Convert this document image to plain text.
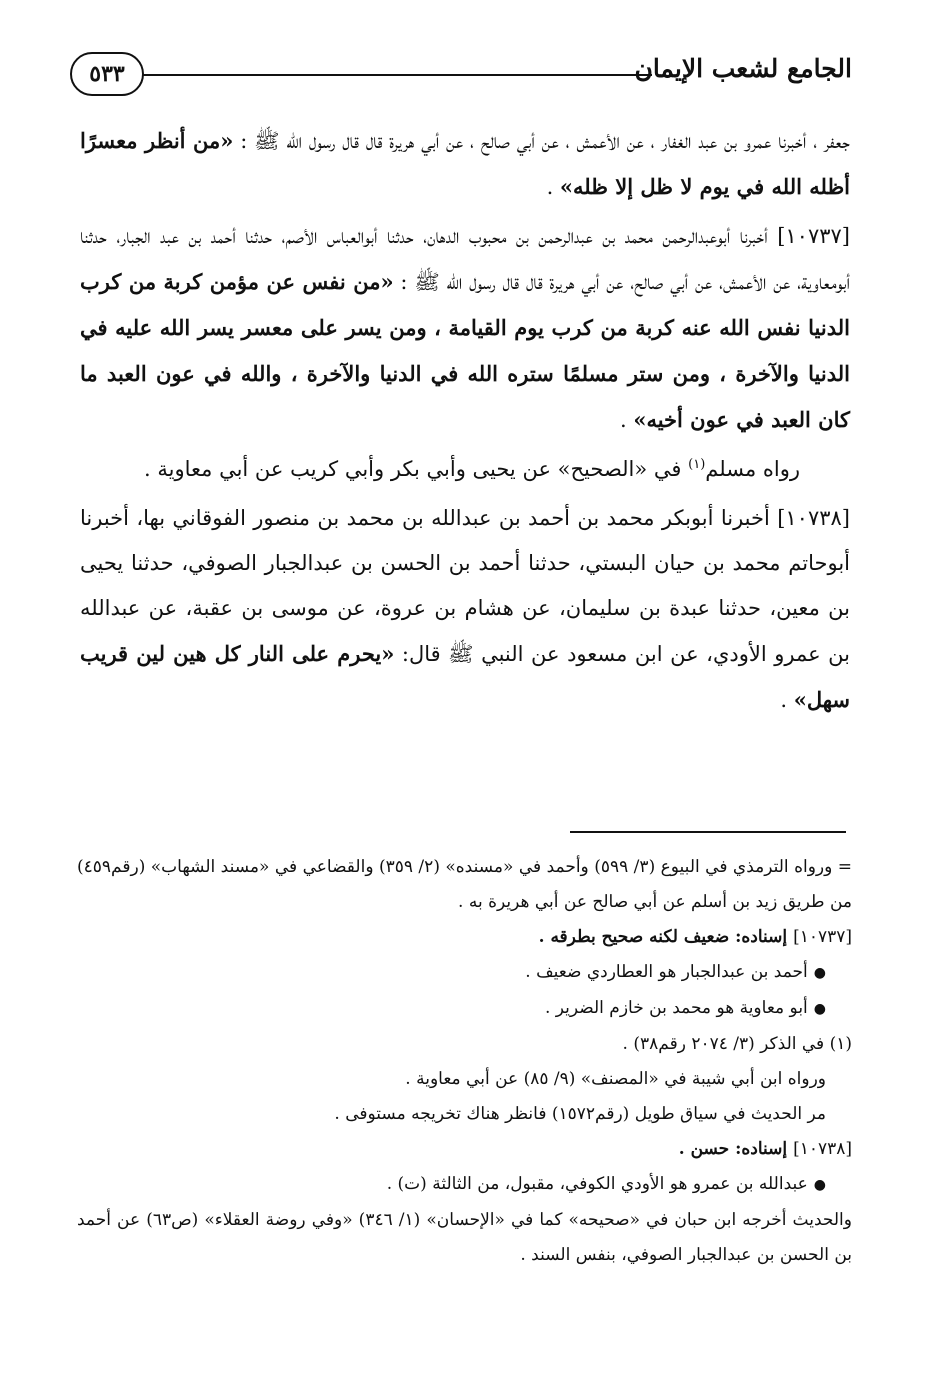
الجامع لشعب الإيمان
٥٣٣

جعفر ، أخبرنا عمرو بن عبد الغفار ، عن الأعمش ، عن أبي صالح ، عن أبي هريرة قال قال رسول الله ﷺ : «من أنظر معسرًا أظله الله في يوم لا ظل إلا ظله» .

[١٠٧٣٧] أخبرنا أبوعبدالرحمن محمد بن عبدالرحمن بن محبوب الدهان، حدثنا أبوالعباس الأصم، حدثنا أحمد بن عبد الجبار، حدثنا أبومعاوية، عن الأعمش، عن أبي صالح، عن أبي هريرة قال قال رسول الله ﷺ : «من نفس عن مؤمن كربة من كرب الدنيا نفس الله عنه كربة من كرب يوم القيامة ، ومن يسر على معسر يسر الله عليه في الدنيا والآخرة ، ومن ستر مسلمًا ستره الله في الدنيا والآخرة ، والله في عون العبد ما كان العبد في عون أخيه» .

رواه مسلم$^{(١)}$ في «الصحيح» عن يحيى وأبي بكر وأبي كريب عن أبي معاوية .

[١٠٧٣٨] أخبرنا أبوبكر محمد بن أحمد بن عبدالله بن محمد بن منصور الفوقاني بها، أخبرنا أبوحاتم محمد بن حيان البستي، حدثنا أحمد بن الحسن بن عبدالجبار الصوفي، حدثنا يحيى بن معين، حدثنا عبدة بن سليمان، عن هشام بن عروة، عن موسى بن عقبة، عن عبدالله بن عمرو الأودي، عن ابن مسعود عن النبي ﷺ قال: «يحرم على النار كل هين لين قريب سهل» .

= ورواه الترمذي في البيوع (٣/ ٥٩٩) وأحمد في «مسنده» (٢/ ٣٥٩) والقضاعي في «مسند الشهاب» (رقم٤٥٩) من طريق زيد بن أسلم عن أبي صالح عن أبي هريرة به .

[١٠٧٣٧] إسناده: ضعيف لكنه صحيح بطرقه .

●أحمد بن عبدالجبار هو العطاردي ضعيف .

●أبو معاوية هو محمد بن خازم الضرير .

(١) في الذكر (٣/ ٢٠٧٤ رقم٣٨) .

ورواه ابن أبي شيبة في «المصنف» (٩/ ٨٥) عن أبي معاوية .

مر الحديث في سياق طويل (رقم١٥٧٢) فانظر هناك تخريجه مستوفى .

[١٠٧٣٨] إسناده: حسن .

●عبدالله بن عمرو هو الأودي الكوفي، مقبول، من الثالثة (ت) .

والحديث أخرجه ابن حبان في «صحيحه» كما في «الإحسان» (١/ ٣٤٦) «وفي روضة العقلاء» (ص٦٣) عن أحمد بن الحسن بن عبدالجبار الصوفي، بنفس السند .
